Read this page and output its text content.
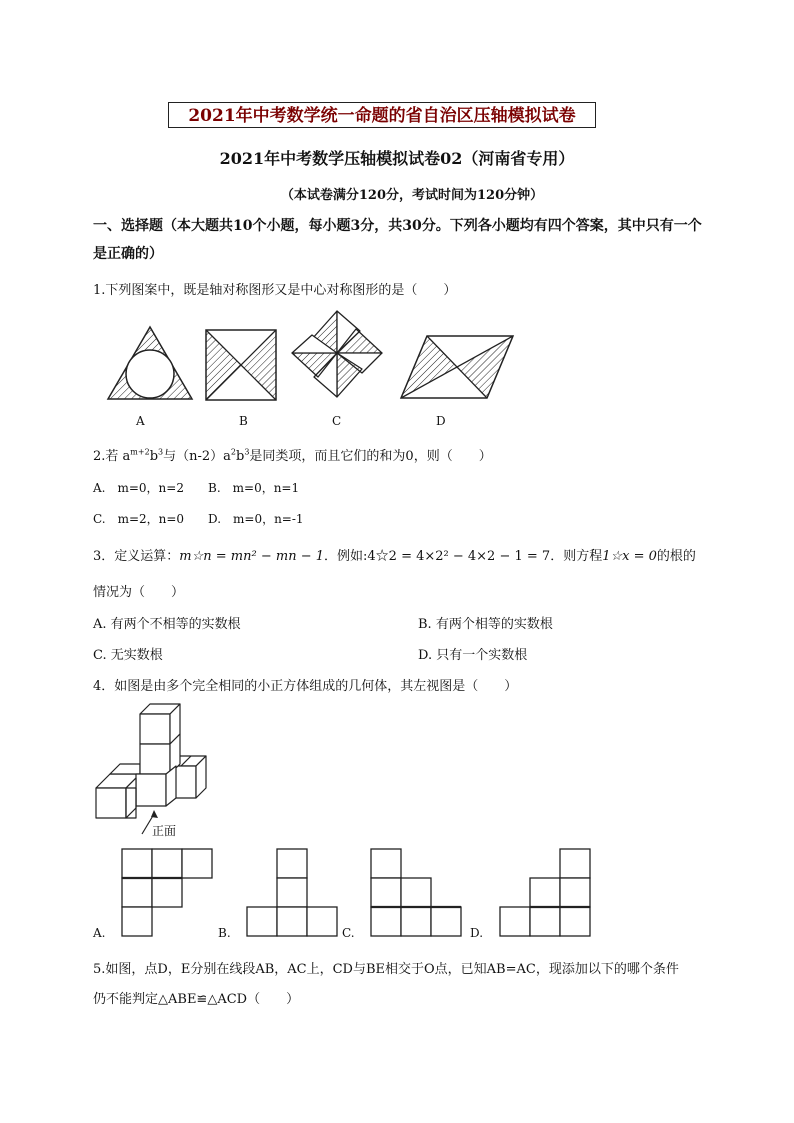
2021年中考数学统一命题的省自治区压轴模拟试卷
2021年中考数学压轴模拟试卷02（河南省专用）
（本试卷满分120分，考试时间为120分钟）
一、选择题（本大题共10个小题，每小题3分，共30分。下列各小题均有四个答案，其中只有一个是正确的）
1.下列图案中，既是轴对称图形又是中心对称图形的是（　　）
A	B	C	D
2.若 $a^{m+2}b^3$与$(n-2)a^2b^3$是同类项，而且它们的和为0，则（　　）
A.　m=0，n=2 B.　m=0，n=1
C.　m=2，n=0 D.　m=0，n=-1
3．定义运算：m☆n = mn² − mn − 1．例如:4☆2 = 4×2² − 4×2 − 1 = 7．则方程1☆x = 0的根的
情况为（　　）
A. 有两个不相等的实数根	B. 有两个相等的实数根
C. 无实数根	D. 只有一个实数根
4．如图是由多个完全相同的小正方体组成的几何体，其左视图是（　　）
正面
A.	B.	C.	D.
5.如图，点D，E分别在线段AB，AC上，CD与BE相交于O点，已知AB=AC，现添加以下的哪个条件
仍不能判定△ABE≌△ACD（　　）
